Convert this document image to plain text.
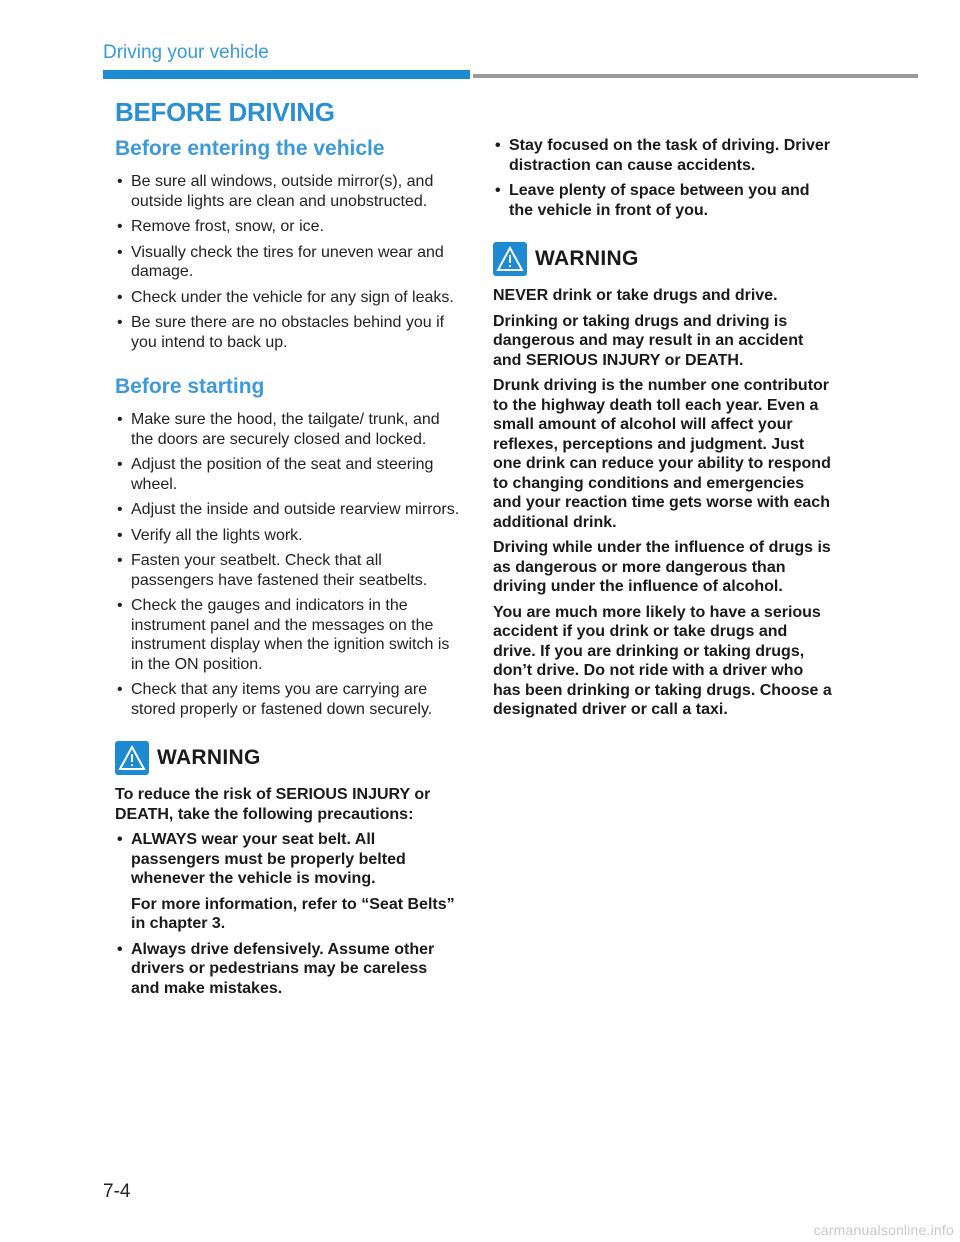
Driving your vehicle
BEFORE DRIVING
Before entering the vehicle
• Be sure all windows, outside mirror(s), and outside lights are clean and unobstructed.
• Remove frost, snow, or ice.
• Visually check the tires for uneven wear and damage.
• Check under the vehicle for any sign of leaks.
• Be sure there are no obstacles behind you if you intend to back up.
Before starting
• Make sure the hood, the tailgate/ trunk, and the doors are securely closed and locked.
• Adjust the position of the seat and steering wheel.
• Adjust the inside and outside rearview mirrors.
• Verify all the lights work.
• Fasten your seatbelt. Check that all passengers have fastened their seatbelts.
• Check the gauges and indicators in the instrument panel and the messages on the instrument display when the ignition switch is in the ON position.
• Check that any items you are carrying are stored properly or fastened down securely.
WARNING

To reduce the risk of SERIOUS INJURY or DEATH, take the following precautions:

• ALWAYS wear your seat belt. All passengers must be properly belted whenever the vehicle is moving.
For more information, refer to “Seat Belts” in chapter 3.
• Always drive defensively. Assume other drivers or pedestrians may be careless and make mistakes.
• Stay focused on the task of driving. Driver distraction can cause accidents.
• Leave plenty of space between you and the vehicle in front of you.
WARNING

NEVER drink or take drugs and drive.

Drinking or taking drugs and driving is dangerous and may result in an accident and SERIOUS INJURY or DEATH.

Drunk driving is the number one contributor to the highway death toll each year. Even a small amount of alcohol will affect your reflexes, perceptions and judgment. Just one drink can reduce your ability to respond to changing conditions and emergencies and your reaction time gets worse with each additional drink.

Driving while under the influence of drugs is as dangerous or more dangerous than driving under the influence of alcohol.

You are much more likely to have a serious accident if you drink or take drugs and drive. If you are drinking or taking drugs, don’t drive. Do not ride with a driver who has been drinking or taking drugs. Choose a designated driver or call a taxi.

7-4
carmanualsonline.info
